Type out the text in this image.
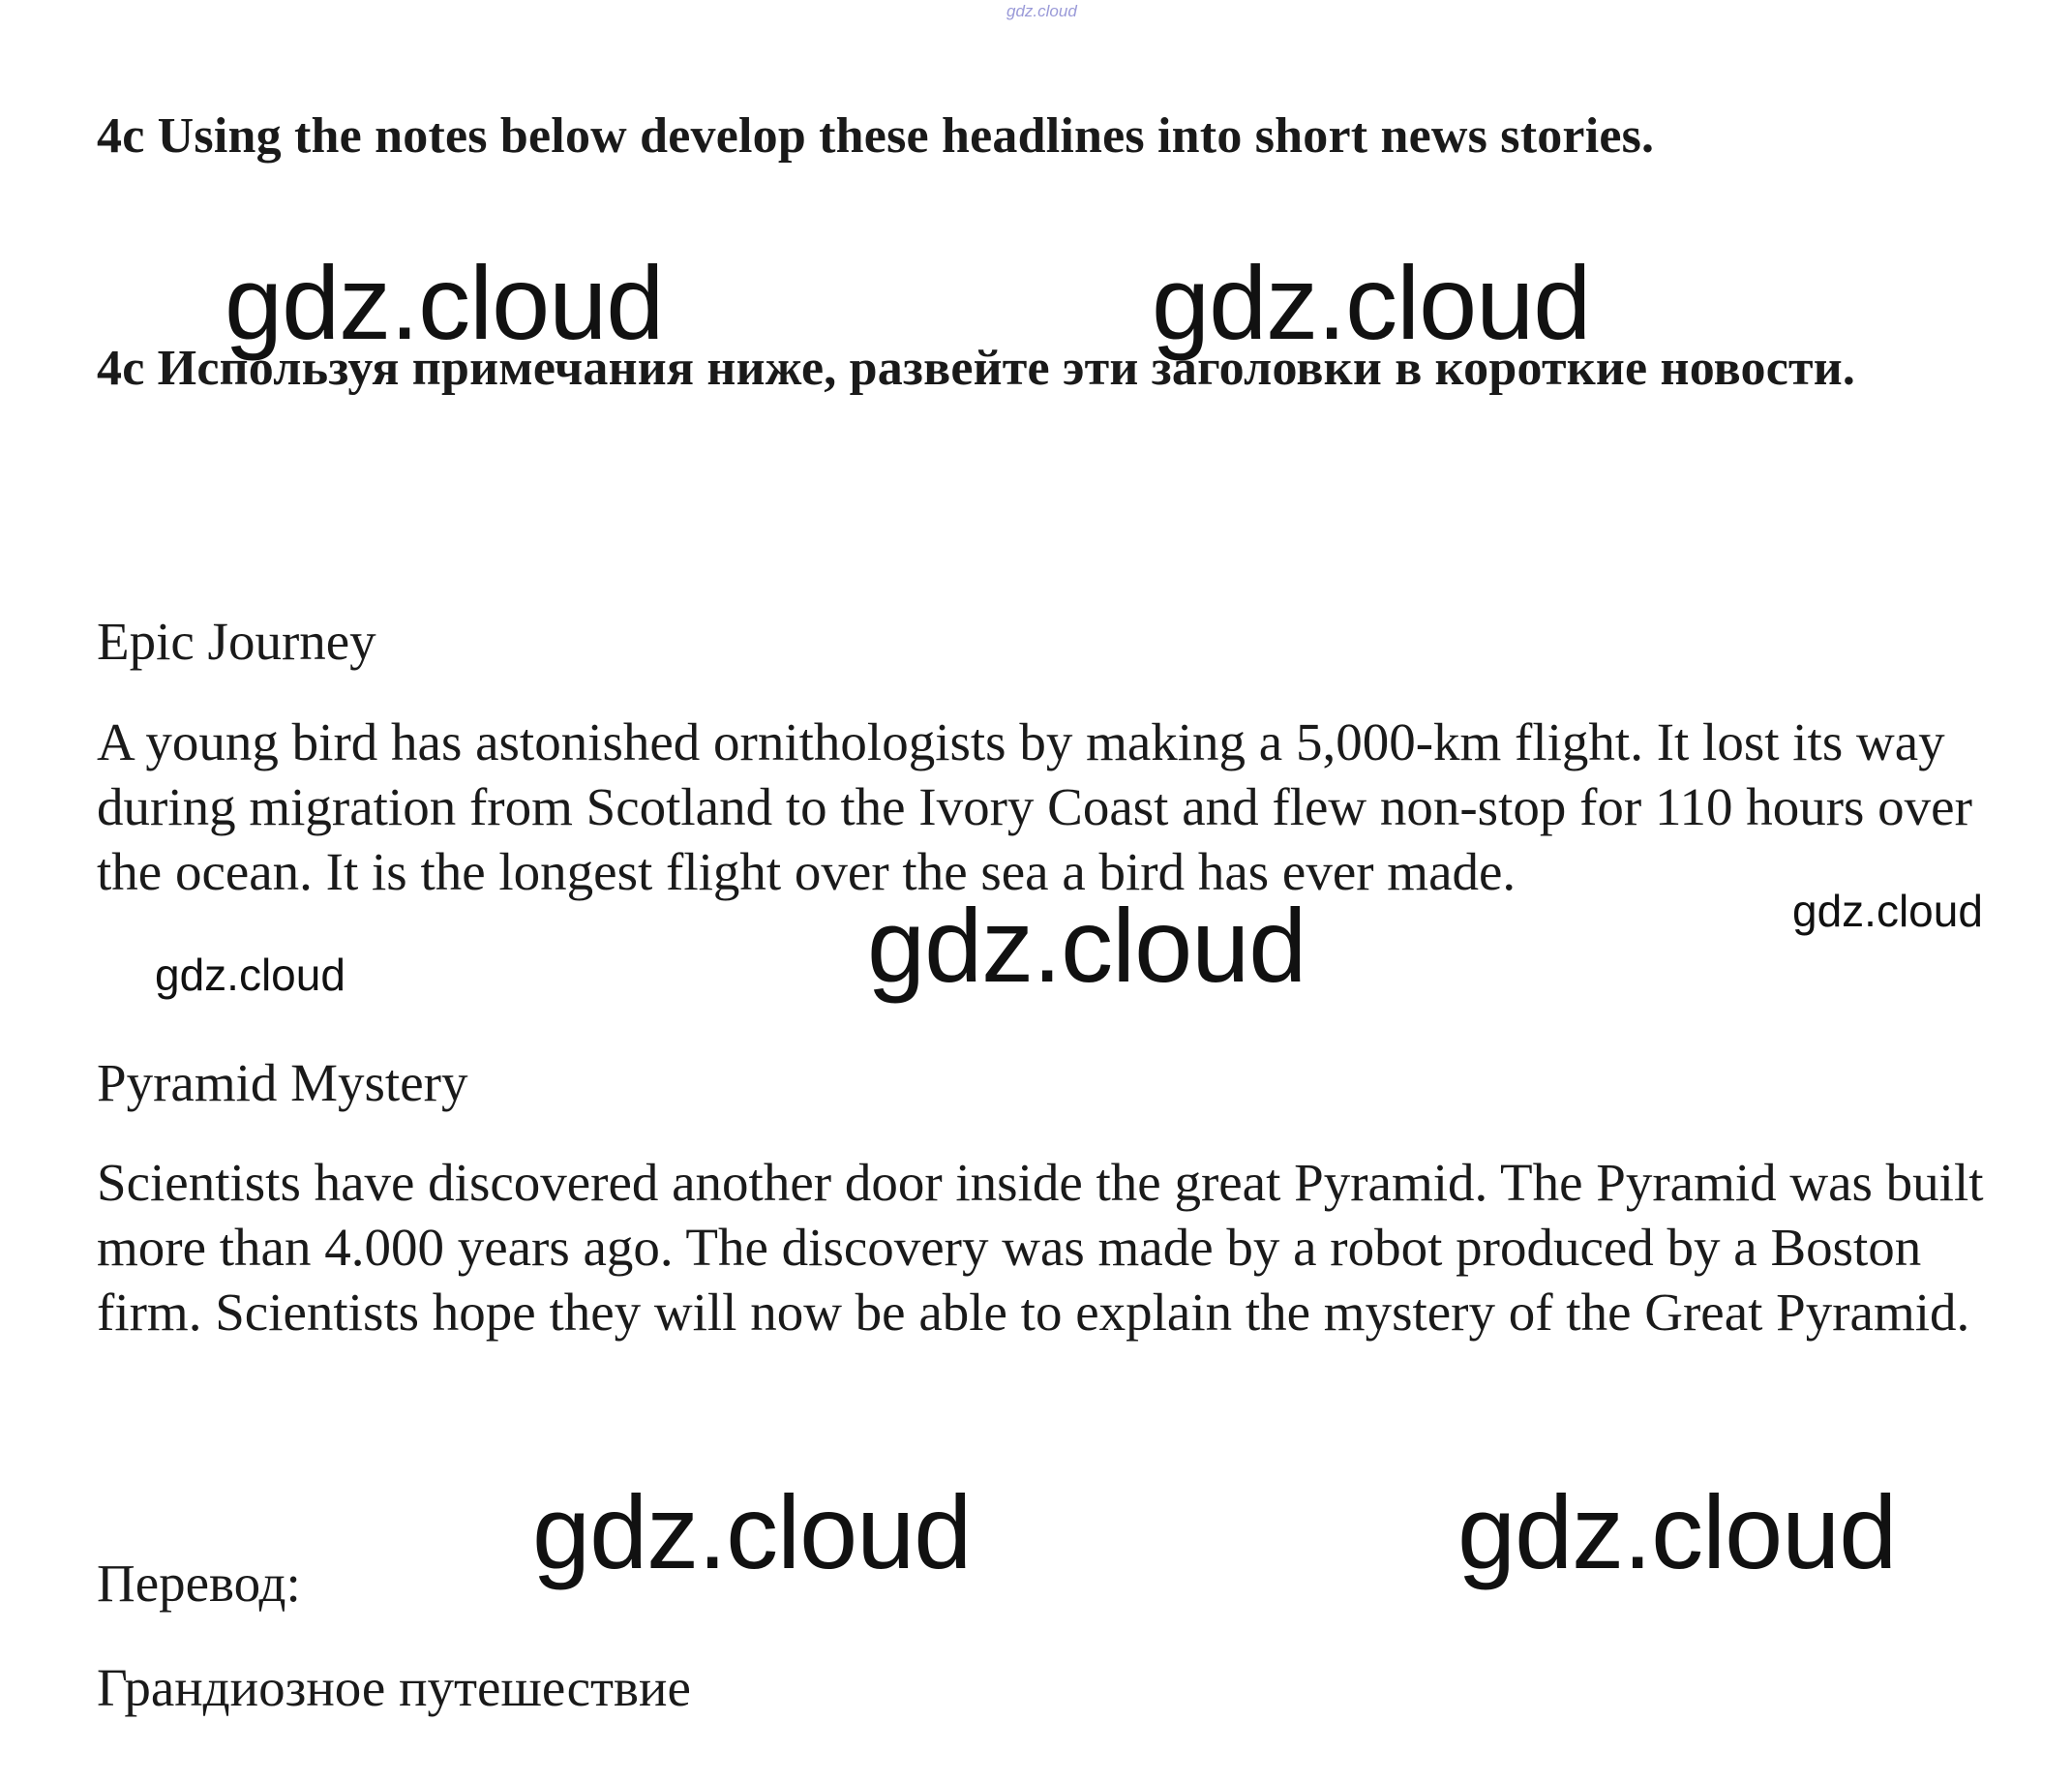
gdz.cloud
4c Using the notes below develop these headlines into short news stories.
4c Используя примечания ниже, развейте эти заголовки в короткие новости.
Epic Journey
A young bird has astonished ornithologists by making a 5,000-km flight. It lost its way during migration from Scotland to the Ivory Coast and flew non-stop for 110 hours over the ocean. It is the longest flight over the sea a bird has ever made.
Pyramid Mystery
Scientists have discovered another door inside the great Pyramid. The Pyramid was built more than 4.000 years ago. The discovery was made by a robot produced by a Boston firm. Scientists hope they will now be able to explain the mystery of the Great Pyramid.
Перевод:
Грандиозное путешествие
gdz.cloud	gdz.cloud
gdz.cloud
gdz.cloud
gdz.cloud
gdz.cloud	gdz.cloud
